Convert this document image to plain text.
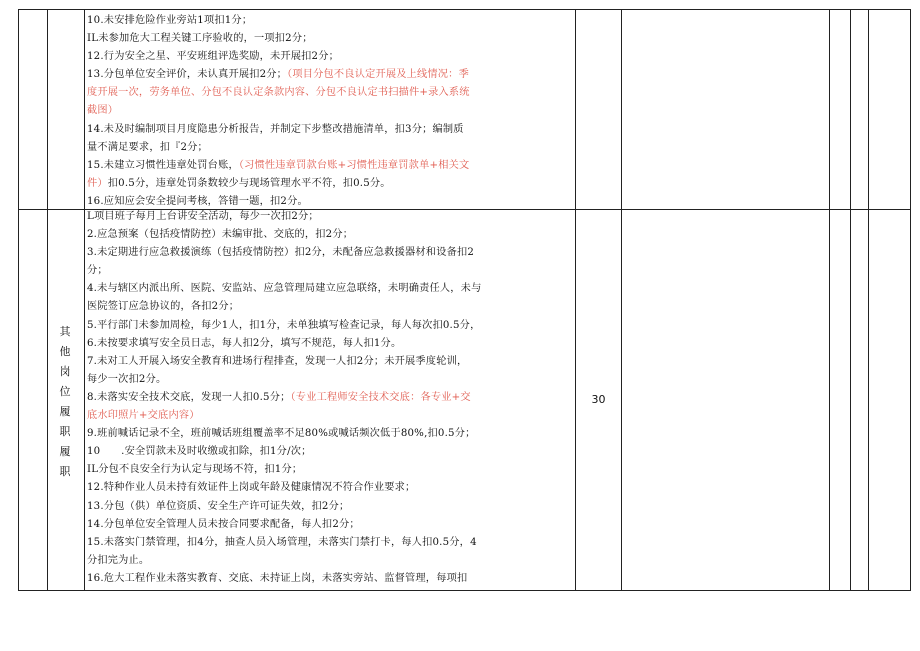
10.未安排危险作业旁站1项扣1分；
IL未参加危大工程关键工序验收的，一项扣2分；
12.行为安全之星、平安班组评选奖励，未开展扣2分；
13.分包单位安全评价，未认真开展扣2分；（项目分包不良认定开展及上线情况：季
度开展一次，劳务单位、分包不良认定条款内容、分包不良认定书扫描件+录入系统
截图）
14.未及时编制项目月度隐患分析报告，并制定下步整改措施清单，扣3分；编制质
量不满足要求，扣『2分；
15.未建立习惯性违章处罚台账，（习惯性违章罚款台账+习惯性违章罚款单+相关文
件）扣0.5分，违章处罚条数较少与现场管理水平不符，扣0.5分。
16.应知应会安全提问考核，答错一题，扣2分。
L项目班子每月上台讲安全活动，每少一次扣2分；
2.应急预案（包括疫情防控）未编审批、交底的，扣2分；
3.未定期进行应急救援演练（包括疫情防控）扣2分，未配备应急救援器材和设备扣2
分；
4.未与辖区内派出所、医院、安监站、应急管理局建立应急联络，未明确责任人，未与
医院签订应急协议的，各扣2分；
5.平行部门未参加周检，每少1人，扣1分，未单独填写检查记录，每人每次扣0.5分，
6.未按要求填写安全员日志，每人扣2分，填写不规范，每人扣1分。
7.未对工人开展入场安全教育和进场行程排查，发现一人扣2分；未开展季度轮训，
每少一次扣2分。
8.未落实安全技术交底，发现一人扣0.5分；（专业工程师安全技术交底：各专业+交
底水印照片+交底内容）
9.班前喊话记录不全，班前喊话班组覆盖率不足80%或喊话频次低于80%,扣0.5分；
10　　.安全罚款未及时收缴或扣除，扣1分/次；
IL分包不良安全行为认定与现场不符，扣1分；
12.特种作业人员未持有效证件上岗或年龄及健康情况不符合作业要求；
13.分包（供）单位资质、安全生产许可证失效，扣2分；
14.分包单位安全管理人员未按合同要求配备，每人扣2分；
15.未落实门禁管理，扣4分，抽查人员入场管理，未落实门禁打卡，每人扣0.5分，4
分扣完为止。
16.危大工程作业未落实教育、交底、未持证上岗，未落实旁站、监督管理，每项扣
其
他
岗
位
履
职
履
职
30
